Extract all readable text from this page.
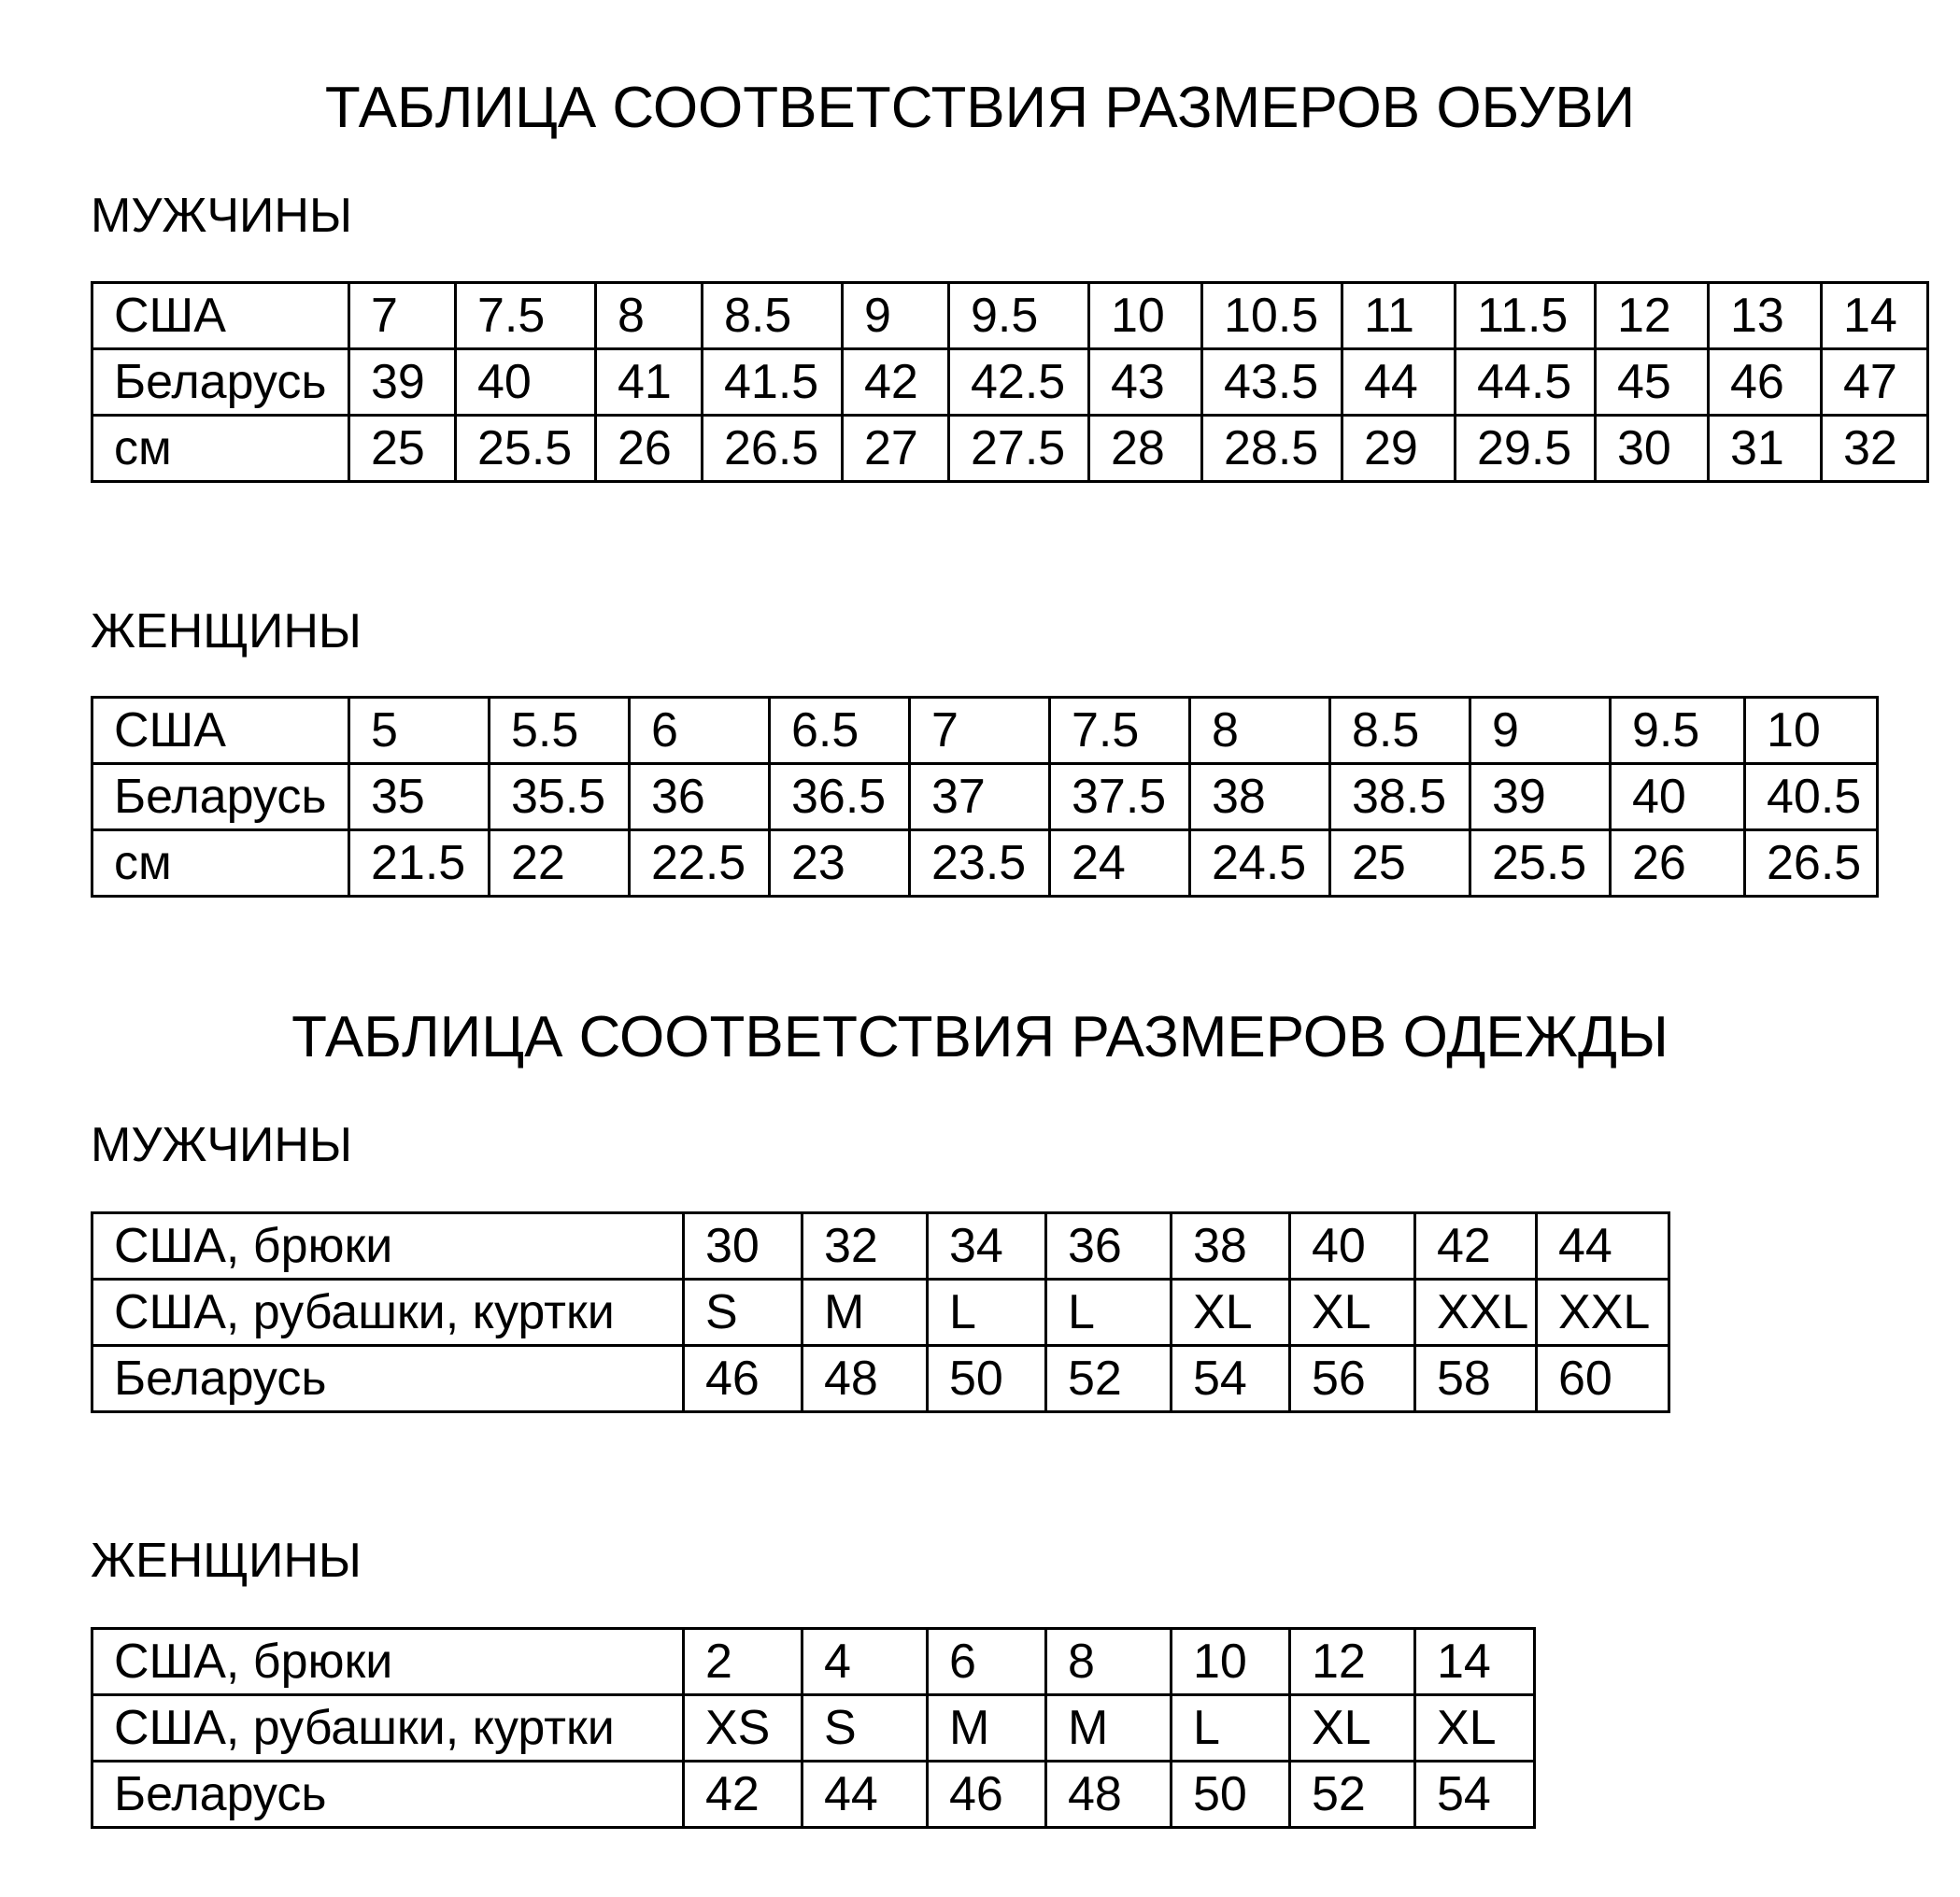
ТАБЛИЦА СООТВЕТСТВИЯ РАЗМЕРОВ ОБУВИ
МУЖЧИНЫ
США	7	7.5	8	8.5	9	9.5	10	10.5	11	11.5	12	13	14
Беларусь	39	40	41	41.5	42	42.5	43	43.5	44	44.5	45	46	47
см	25	25.5	26	26.5	27	27.5	28	28.5	29	29.5	30	31	32
ЖЕНЩИНЫ
США	5	5.5	6	6.5	7	7.5	8	8.5	9	9.5	10
Беларусь	35	35.5	36	36.5	37	37.5	38	38.5	39	40	40.5
см	21.5	22	22.5	23	23.5	24	24.5	25	25.5	26	26.5
ТАБЛИЦА СООТВЕТСТВИЯ РАЗМЕРОВ ОДЕЖДЫ
МУЖЧИНЫ
США, брюки	30	32	34	36	38	40	42	44
США, рубашки, куртки	S	M	L	L	XL	XL	XXL	XXL
Беларусь	46	48	50	52	54	56	58	60
ЖЕНЩИНЫ
США, брюки	2	4	6	8	10	12	14
США, рубашки, куртки	XS	S	M	M	L	XL	XL
Беларусь	42	44	46	48	50	52	54
